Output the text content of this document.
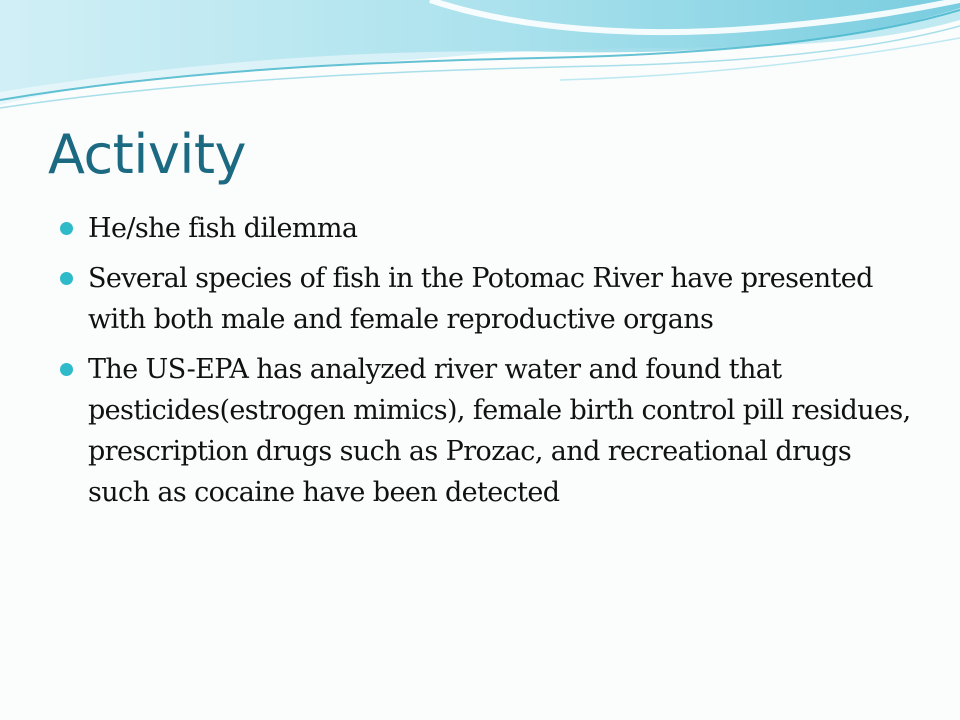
Activity
He/she fish dilemma
Several species of fish in the Potomac River have presented with both male and female reproductive organs
The US-EPA has analyzed river water and found that pesticides(estrogen mimics), female birth control pill residues, prescription drugs such as Prozac, and recreational drugs such as cocaine have been detected
